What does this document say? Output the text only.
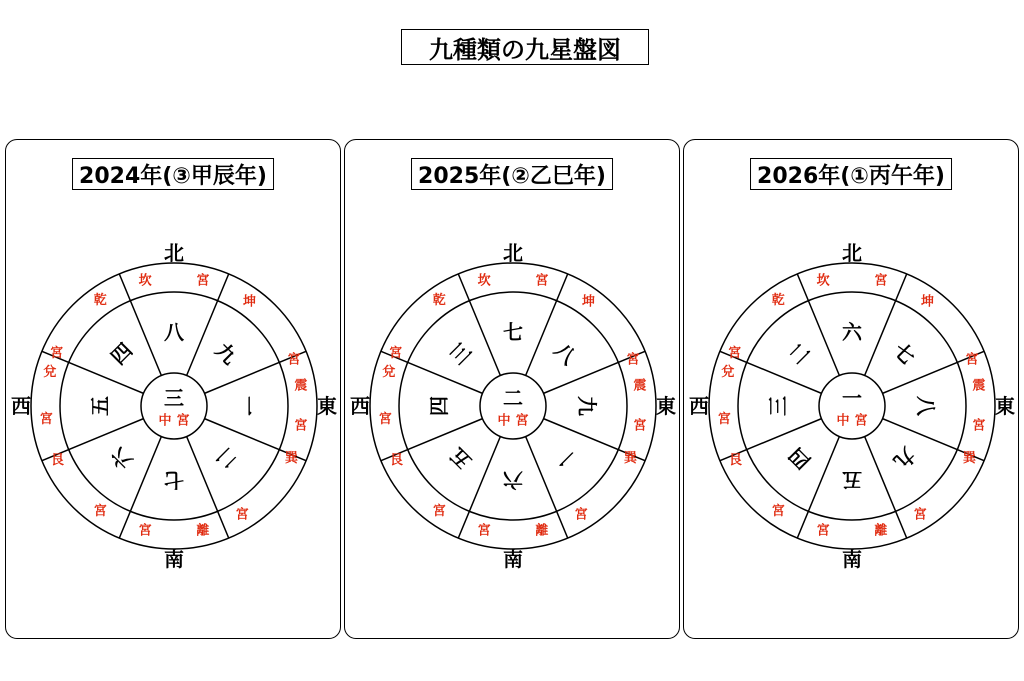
九種類の九星盤図
2024年(③甲辰年)
北
南
東
西
坎	宮
坤
宮
震
宮
巽
宮
離
宮
宮
艮
宮
兌
宮
乾
八
九
一
二
七
六
五
四
三
中 宮
2025年(②乙巳年)
北
南
東
西
坎	宮
坤
宮
震
宮
巽
宮
離
宮
宮
艮
宮
兌
宮
乾
七
八
九
一
六
五
四
三
二
中 宮
2026年(①丙午年)
北
南
東
西
坎	宮
坤
宮
震
宮
巽
宮
離
宮
宮
艮
宮
兌
宮
乾
六
七
八
九
五
四
三
二
一
中 宮
